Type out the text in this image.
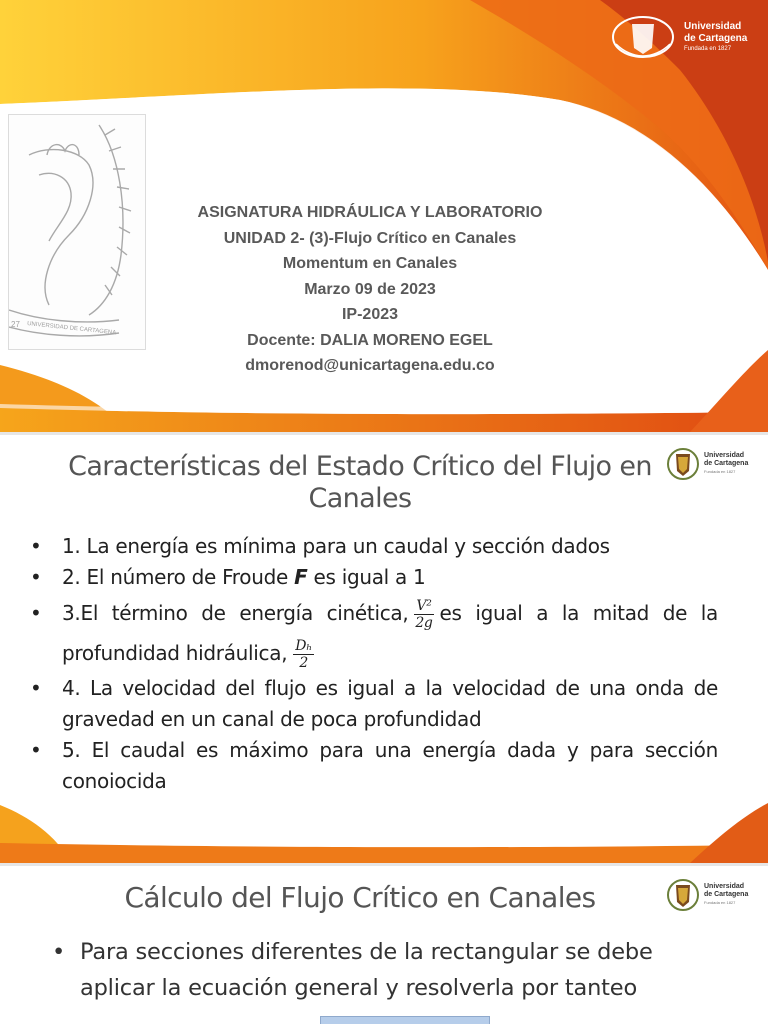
27 UNIVERSIDAD DE CARTAGENA
Universidad
de Cartagena
Fundada en 1827
ASIGNATURA HIDRÁULICA Y LABORATORIO
UNIDAD 2- (3)-Flujo Crítico en Canales
Momentum en Canales
Marzo 09 de 2023
IP-2023
Docente: DALIA MORENO EGEL
dmorenod@unicartagena.edu.co
Características del Estado Crítico del Flujo en
Canales
Universidad
de Cartagena
Fundada en 1827
• 1. La energía es mínima para un caudal y sección dados
• 2. El número de Froude F es igual a 1
• 3.El término de energía cinética, $\frac{\text{V²}}{2g}$ es igual a la mitad de la profundidad hidráulica, $\frac{\text{Dₕ}}{2}$
• 4. La velocidad del flujo es igual a la velocidad de una onda de gravedad en un canal de poca profundidad
• 5. El caudal es máximo para una energía dada y para sección conoiocida
Cálculo del Flujo Crítico en Canales	Universidad
de Cartagena
Fundada en 1827
• Para secciones diferentes de la rectangular se debe aplicar la ecuación general y resolverla por tanteo
